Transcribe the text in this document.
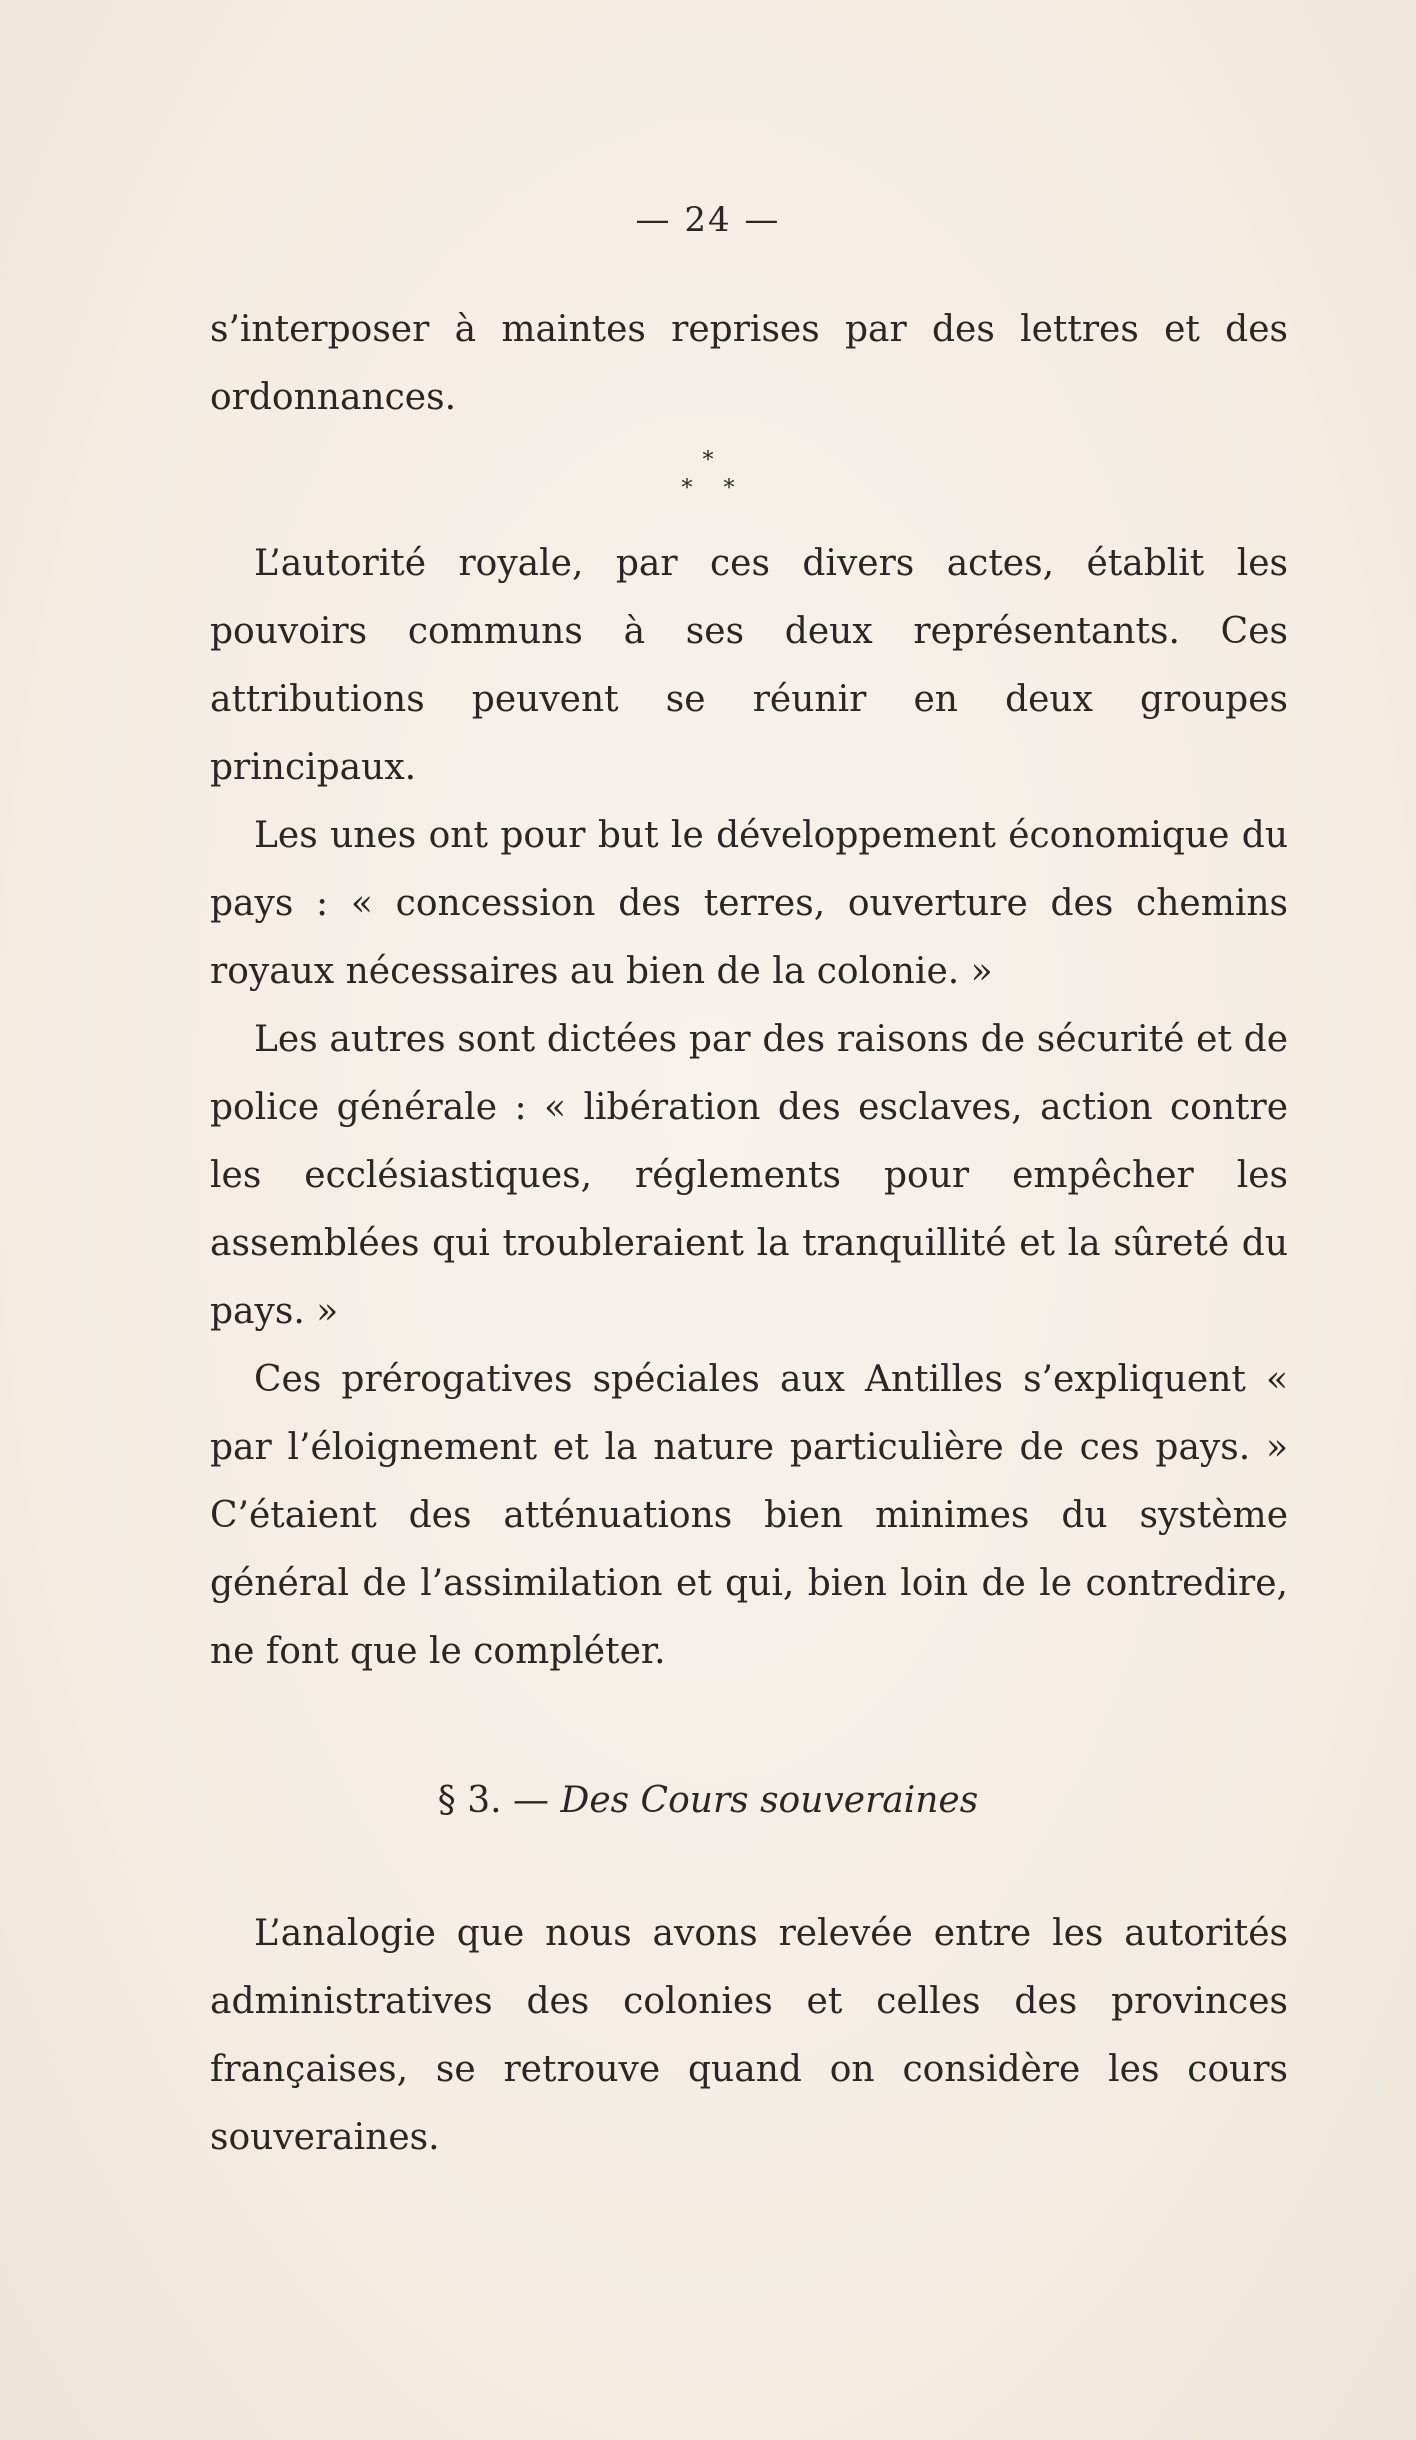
— 24 —

s’interposer à maintes reprises par des lettres et des ordonnances.

*
* *

L’autorité royale, par ces divers actes, établit les pouvoirs communs à ses deux représentants. Ces attributions peuvent se réunir en deux groupes principaux.

Les unes ont pour but le développement économique du pays : « concession des terres, ouverture des chemins royaux nécessaires au bien de la colonie. »

Les autres sont dictées par des raisons de sécurité et de police générale : « libération des esclaves, action contre les ecclésiastiques, réglements pour empêcher les assemblées qui troubleraient la tranquillité et la sûreté du pays. »

Ces prérogatives spéciales aux Antilles s’expliquent « par l’éloignement et la nature particulière de ces pays. » C’étaient des atténuations bien minimes du système général de l’assimilation et qui, bien loin de le contredire, ne font que le compléter.

§ 3. — Des Cours souveraines

L’analogie que nous avons relevée entre les autorités administratives des colonies et celles des provinces françaises, se retrouve quand on considère les cours souveraines.
